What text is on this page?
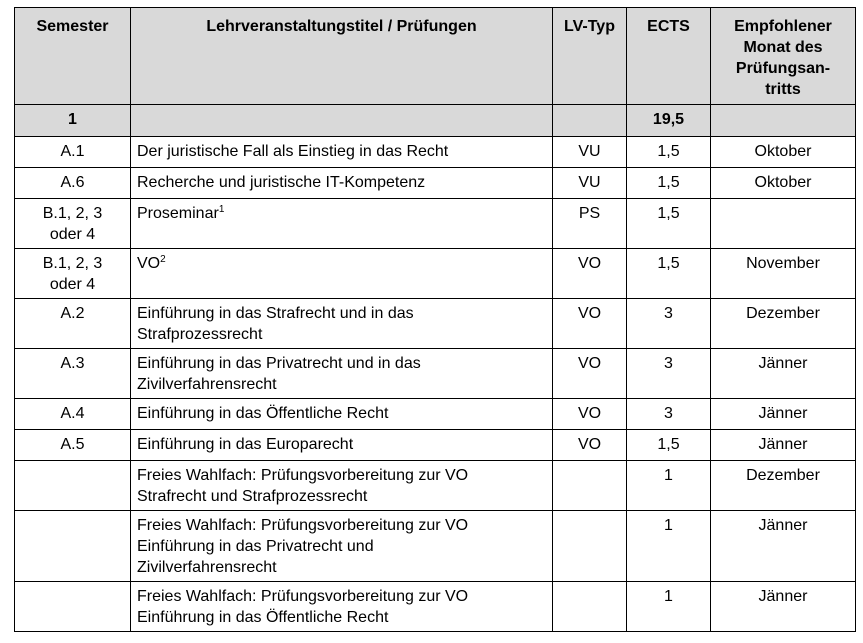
Semester	Lehrveranstaltungstitel / Prüfungen	LV-Typ	ECTS	Empfohlener
Monat des
Prüfungsan-
tritts

1			19,5	

A.1	Der juristische Fall als Einstieg in das Recht	VU	1,5	Oktober

A.6	Recherche und juristische IT-Kompetenz	VU	1,5	Oktober

B.1, 2, 3
oder 4	Proseminar$^1$	PS	1,5	

B.1, 2, 3
oder 4	$VO^2$	VO	1,5	November

A.2	Einführung in das Strafrecht und in das
Strafprozessrecht	VO	3	Dezember

A.3	Einführung in das Privatrecht und in das
Zivilverfahrensrecht	VO	3	Jänner

A.4	Einführung in das Öffentliche Recht	VO	3	Jänner

A.5	Einführung in das Europarecht	VO	1,5	Jänner

	Freies Wahlfach: Prüfungsvorbereitung zur VO
Strafrecht und Strafprozessrecht		1	Dezember

	Freies Wahlfach: Prüfungsvorbereitung zur VO
Einführung in das Privatrecht und
Zivilverfahrensrecht		1	Jänner

	Freies Wahlfach: Prüfungsvorbereitung zur VO
Einführung in das Öffentliche Recht		1	Jänner
